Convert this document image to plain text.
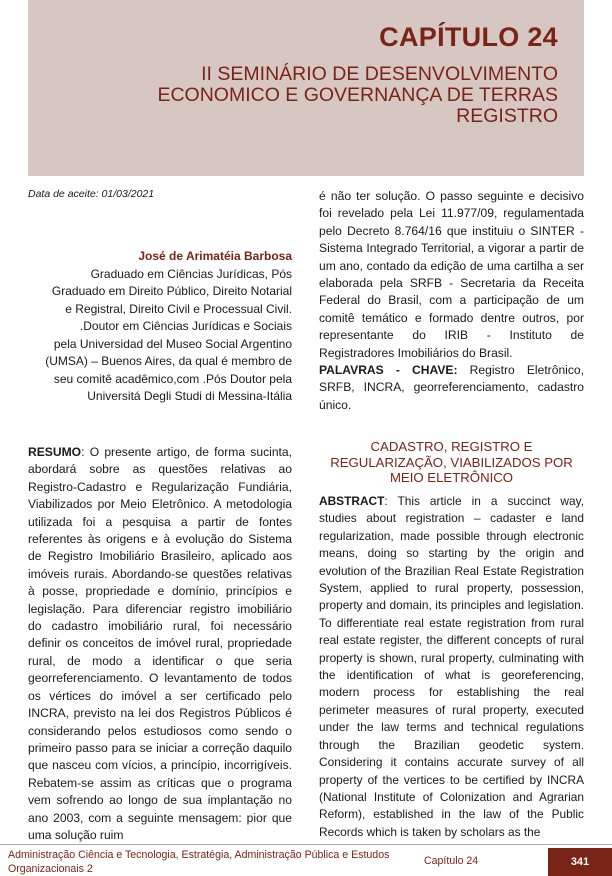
CAPÍTULO 24
II SEMINÁRIO DE DESENVOLVIMENTO
ECONOMICO E GOVERNANÇA DE TERRAS
REGISTRO
Data de aceite: 01/03/2021
José de Arimatéia Barbosa
Graduado em Ciências Jurídicas, Pós
Graduado em Direito Público, Direito Notarial
e Registral, Direito Civil e Processual Civil.
.Doutor em Ciências Jurídicas e Sociais
pela Universidad del Museo Social Argentino
(UMSA) – Buenos Aires, da qual é membro de
seu comitê acadêmico,com .Pós Doutor pela
Universitá Degli Studi di Messina-Itália
RESUMO: O presente artigo, de forma sucinta, abordará sobre as questões relativas ao Registro-Cadastro e Regularização Fundiária, Viabilizados por Meio Eletrônico. A metodologia utilizada foi a pesquisa a partir de fontes referentes às origens e à evolução do Sistema de Registro Imobiliário Brasileiro, aplicado aos imóveis rurais. Abordando-se questões relativas à posse, propriedade e domínio, princípios e legislação. Para diferenciar registro imobiliário do cadastro imobiliário rural, foi necessário definir os conceitos de imóvel rural, propriedade rural, de modo a identificar o que seria georreferenciamento. O levantamento de todos os vértices do imóvel a ser certificado pelo INCRA, previsto na lei dos Registros Públicos é considerando pelos estudiosos como sendo o primeiro passo para se iniciar a correção daquilo que nasceu com vícios, a princípio, incorrigíveis. Rebatem-se assim as críticas que o programa vem sofrendo ao longo de sua implantação no ano 2003, com a seguinte mensagem: pior que uma solução ruim
é não ter solução. O passo seguinte e decisivo foi revelado pela Lei 11.977/09, regulamentada pelo Decreto 8.764/16 que instituiu o SINTER - Sistema Integrado Territorial, a vigorar a partir de um ano, contado da edição de uma cartilha a ser elaborada pela SRFB - Secretaria da Receita Federal do Brasil, com a participação de um comitê temático e formado dentre outros, por representante do IRIB - Instituto de Registradores Imobiliários do Brasil.
PALAVRAS - CHAVE: Registro Eletrônico, SRFB, INCRA, georreferenciamento, cadastro único.
CADASTRO, REGISTRO E REGULARIZAÇÃO, VIABILIZADOS POR MEIO ELETRÔNICO
ABSTRACT: This article in a succinct way, studies about registration – cadaster e land regularization, made possible through electronic means, doing so starting by the origin and evolution of the Brazilian Real Estate Registration System, applied to rural property, possession, property and domain, its principles and legislation. To differentiate real estate registration from rural real estate register, the different concepts of rural property is shown, rural property, culminating with the identification of what is georeferencing, modern process for establishing the real perimeter measures of rural property, executed under the law terms and technical regulations through the Brazilian geodetic system. Considering it contains accurate survey of all property of the vertices to be certified by INCRA (National Institute of Colonization and Agrarian Reform), established in the law of the Public Records which is taken by scholars as the
Administração Ciência e Tecnologia, Estratégia, Administração Pública e Estudos Organizacionais 2
Capítulo 24	341
